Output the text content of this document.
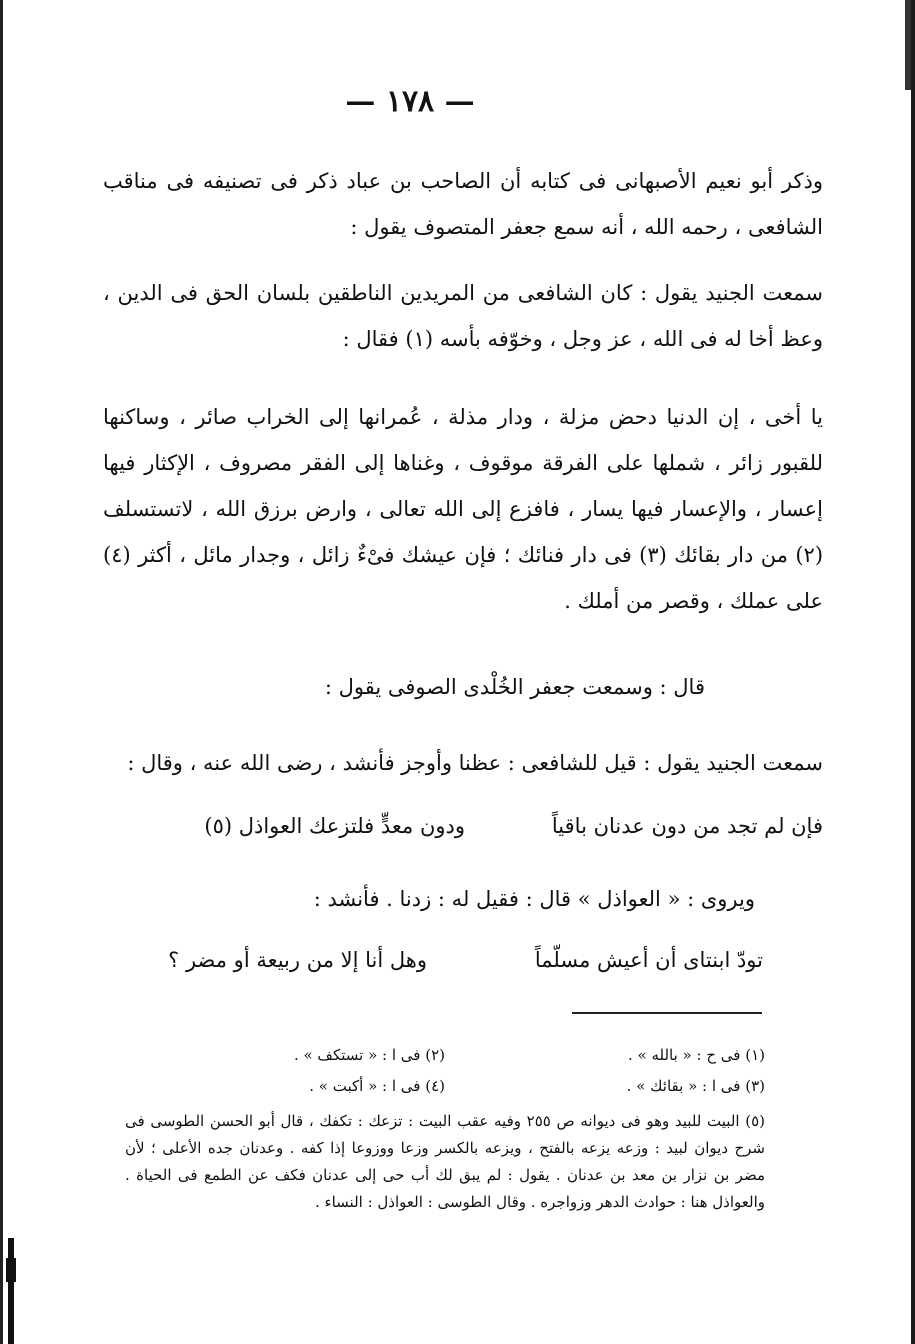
— ١٧٨ —
وذكر أبو نعيم الأصبهانى فى كتابه أن الصاحب بن عباد ذكر فى تصنيفه فى مناقب الشافعى ، رحمه الله ، أنه سمع جعفر المتصوف يقول :
سمعت الجنيد يقول : كان الشافعى من المريدين الناطقين بلسان الحق فى الدين ، وعظ أخا له فى الله ، عز وجل ، وخوّفه بأسه (١) فقال :
يا أخى ، إن الدنيا دحض مزلة ، ودار مذلة ، عُمرانها إلى الخراب صائر ، وساكنها للقبور زائر ، شملها على الفرقة موقوف ، وغناها إلى الفقر مصروف ، الإكثار فيها إعسار ، والإعسار فيها يسار ، فافزع إلى الله تعالى ، وارض برزق الله ، لاتستسلف (٢) من دار بقائك (٣) فى دار فنائك ؛ فإن عيشك فىْءٌ زائل ، وجدار مائل ، أكثر (٤) على عملك ، وقصر من أملك .
قال : وسمعت جعفر الخُلْدى الصوفى يقول :
سمعت الجنيد يقول : قيل للشافعى : عظنا وأوجز فأنشد ، رضى الله عنه ، وقال :
فإن لم تجد من دون عدنان باقياً
ودون معدٍّ فلتزعك العواذل (٥)
ويروى : « العواذل » قال : فقيل له : زدنا . فأنشد :
تودّ ابنتاى أن أعيش مسلّماً
وهل أنا إلا من ربيعة أو مضر ؟
(١) فى ح : « بالله » .
(٢) فى ا : « تستكف » .
(٣) فى ا : « بقائك » .
(٤) فى ا : « أكبت » .
(٥) البيت للبيد وهو فى ديوانه ص ٢٥٥ وفيه عقب البيت : تزعك : تكفك ، قال أبو الحسن الطوسى فى شرح ديوان لبيد : وزعه يزعه بالفتح ، ويزعه بالكسر وزعا ووزوعا إذا كفه . وعدنان جده الأعلى ؛ لأن مضر بن نزار بن معد بن عدنان . يقول : لم يبق لك أب حى إلى عدنان فكف عن الطمع فى الحياة . والعواذل هنا : حوادث الدهر وزواجره . وقال الطوسى : العواذل : النساء .
